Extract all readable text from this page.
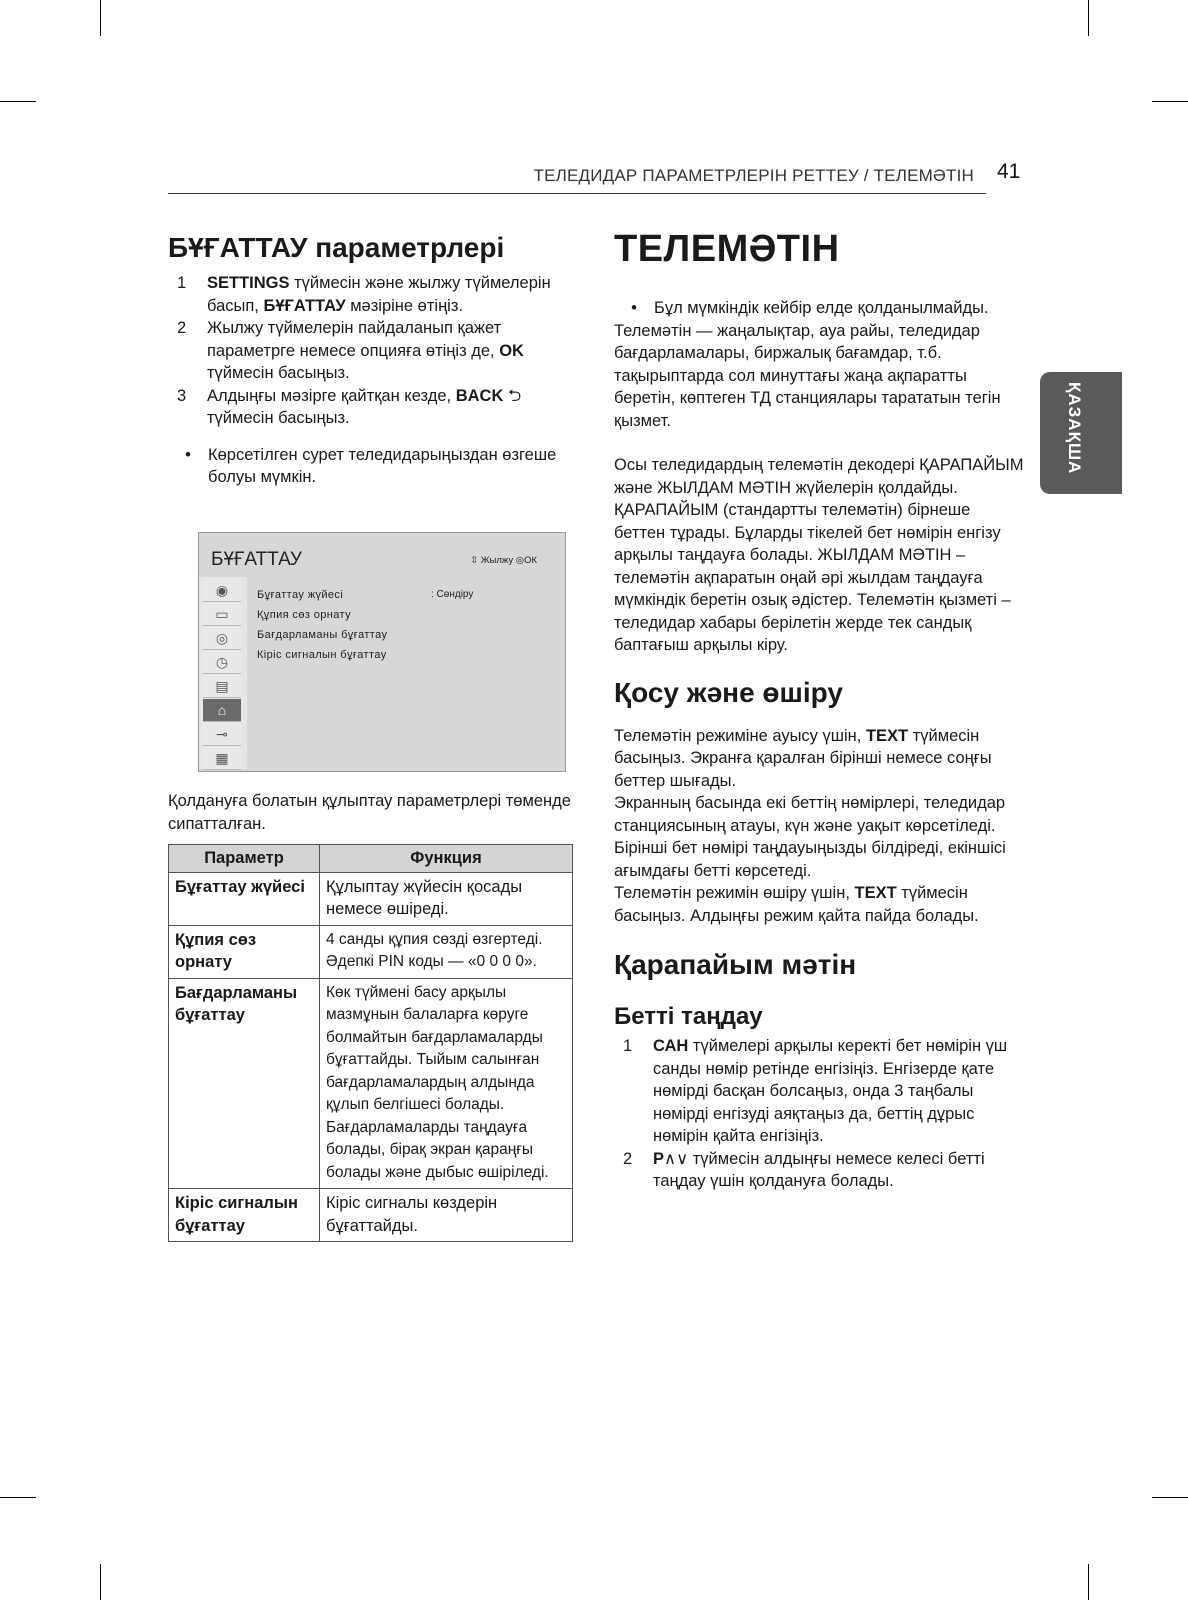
ТЕЛЕДИДАР ПАРАМЕТРЛЕРІН РЕТТЕУ / ТЕЛЕМӘТІН 41
ҚАЗАҚША
БҰҒАТТАУ параметрлері
1	SETTINGS түймесін және жылжу түймелерін басып, БҰҒАТТАУ мәзіріне өтіңіз.
2	Жылжу түймелерін пайдаланып қажет параметрге немесе опцияға өтіңіз де, OK түймесін басыңыз.
3	Алдыңғы мәзірге қайтқан кезде, BACK ⮌ түймесін басыңыз.
•	Көрсетілген сурет теледидарыңыздан өзгеше болуы мүмкін.
БҰҒАТТАУ	⇳ Жылжу ◎ОК
◉
▭
◎
◷
▤
⌂
⊸
▦
Бұғаттау жүйесі
Құпия сөз орнату
Бағдарламаны бұғаттау
Кіріс сигналын бұғаттау
: Сөндіру
Қолдануға болатын құлыптау параметрлері төменде сипатталған.
Параметр	Функция
Бұғаттау жүйесі	Құлыптау жүйесін қосады немесе өшіреді.
Құпия сөз орнату	4 санды құпия сөзді өзгертеді. Әдепкі PIN коды — «0 0 0 0».
Бағдарламаны бұғаттау	Көк түймені басу арқылы мазмұнын балаларға көруге болмайтын бағдарламаларды бұғаттайды. Тыйым салынған бағдарламалардың алдында құлып белгішесі болады. Бағдарламаларды таңдауға болады, бірақ экран қараңғы болады және дыбыс өшіріледі.
Кіріс сигналын бұғаттау	Кіріс сигналы көздерін бұғаттайды.
ТЕЛЕМӘТІН
•	Бұл мүмкіндік кейбір елде қолданылмайды.
Телемәтін — жаңалықтар, ауа райы, теледидар бағдарламалары, биржалық бағамдар, т.б. тақырыптарда сол минуттағы жаңа ақпаратты беретін, көптеген ТД станциялары тарататын тегін қызмет.
Осы теледидардың телемәтін декодері ҚАРАПАЙЫМ және ЖЫЛДАМ МӘТІН жүйелерін қолдайды. ҚАРАПАЙЫМ (стандартты телемәтін) бірнеше беттен тұрады. Бұларды тікелей бет нөмірін енгізу арқылы таңдауға болады. ЖЫЛДАМ МӘТІН – телемәтін ақпаратын оңай әрі жылдам таңдауға мүмкіндік беретін озық әдістер. Телемәтін қызметі – теледидар хабары берілетін жерде тек сандық баптағыш арқылы кіру.
Қосу және өшіру
Телемәтін режиміне ауысу үшін, TEXT түймесін басыңыз. Экранға қаралған бірінші немесе соңғы беттер шығады.
Экранның басында екі беттің нөмірлері, теледидар станциясының атауы, күн және уақыт көрсетіледі. Бірінші бет нөмірі таңдауыңызды білдіреді, екіншісі ағымдағы бетті көрсетеді.
Телемәтін режимін өшіру үшін, TEXT түймесін басыңыз. Алдыңғы режим қайта пайда болады.
Қарапайым мәтін
Бетті таңдау
1	САН түймелері арқылы керекті бет нөмірін үш санды нөмір ретінде енгізіңіз. Енгізерде қате нөмірді басқан болсаңыз, онда 3 таңбалы нөмірді енгізуді аяқтаңыз да, беттің дұрыс нөмірін қайта енгізіңіз.
2	P∧∨ түймесін алдыңғы немесе келесі бетті таңдау үшін қолдануға болады.
